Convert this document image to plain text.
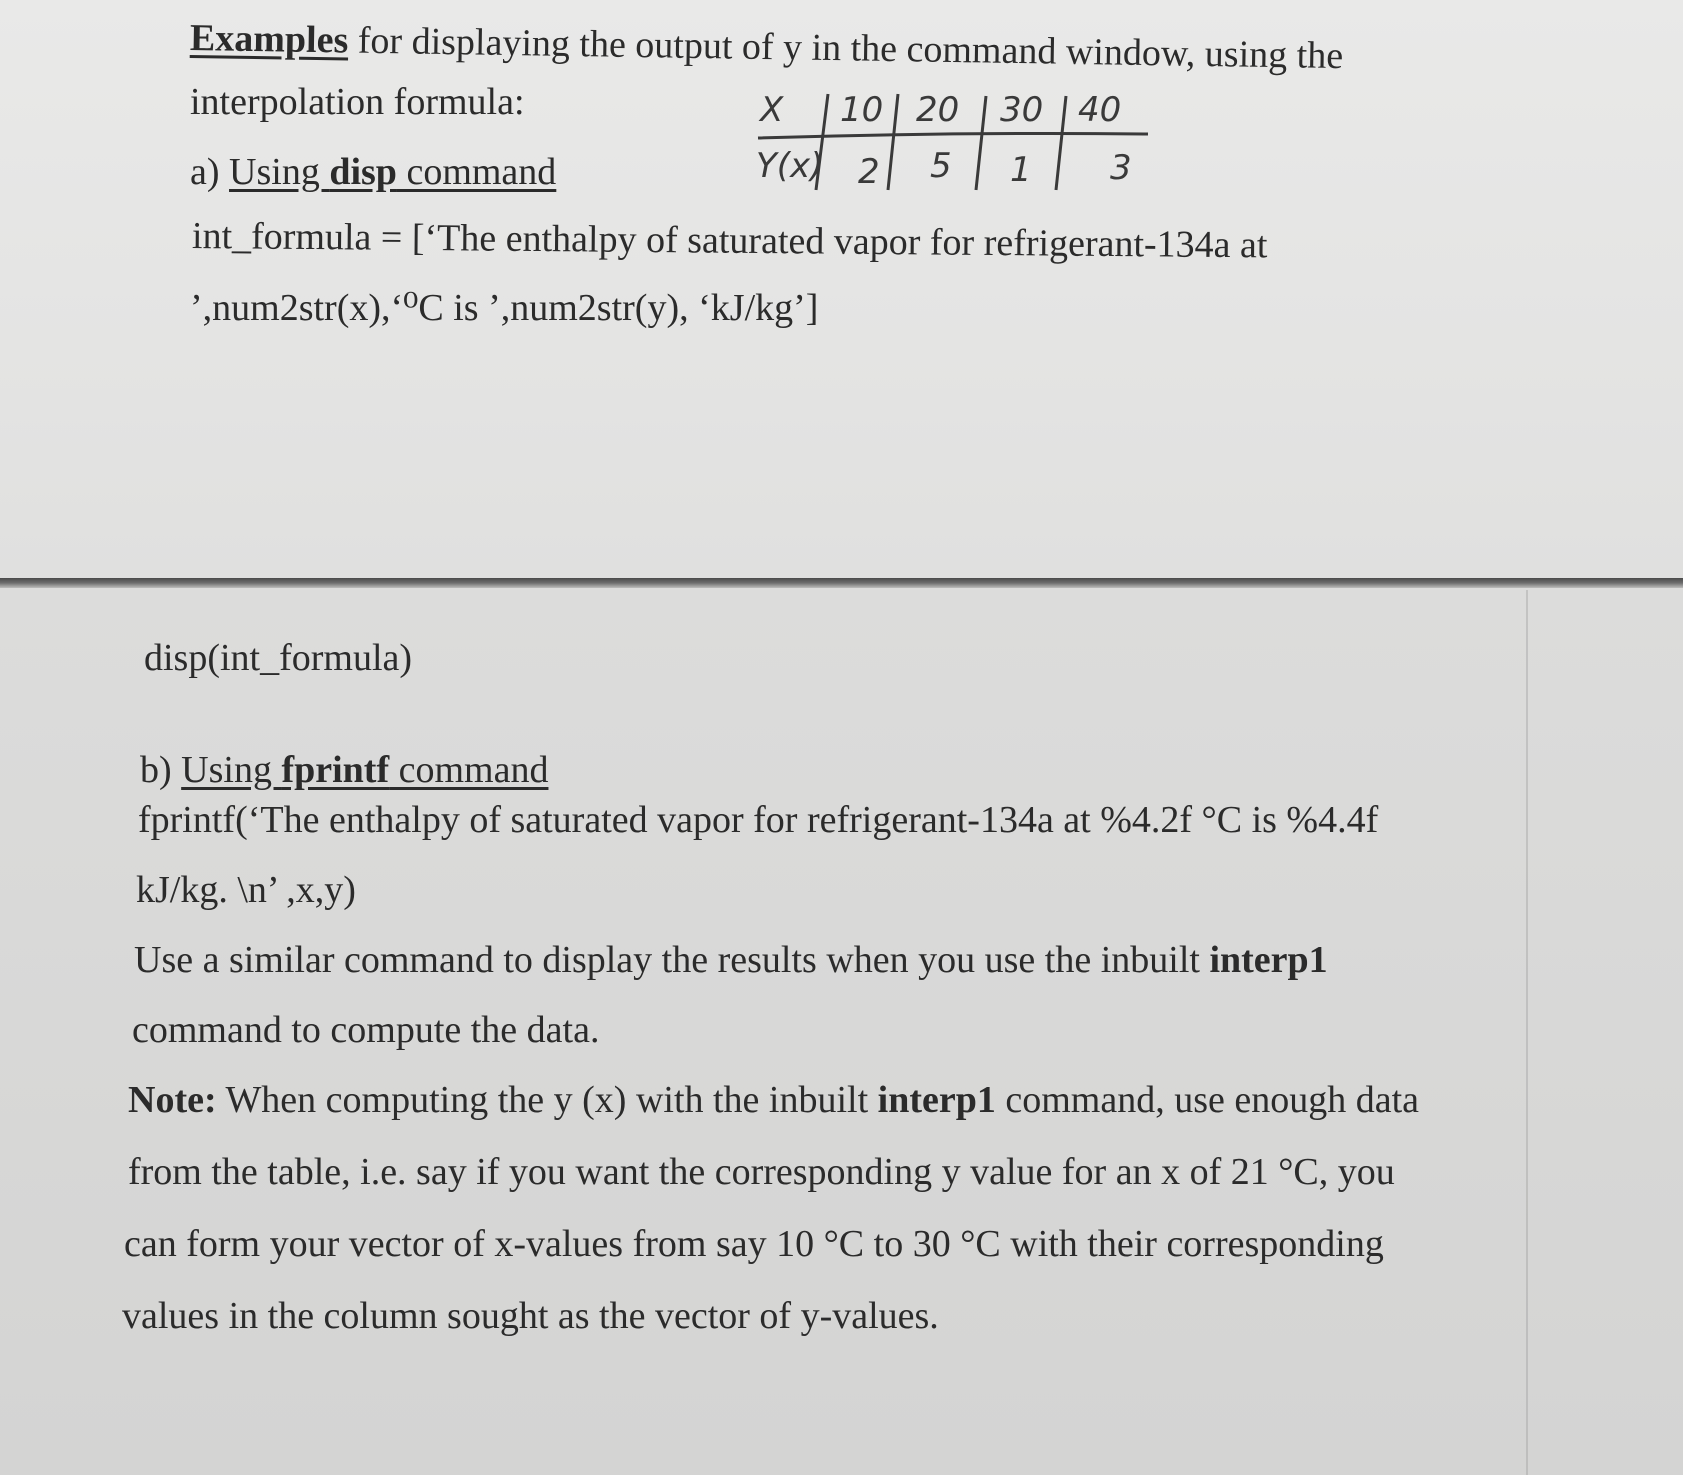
Examples for displaying the output of y in the command window, using the
interpolation formula:
a) Using disp command
int_formula = [‘The enthalpy of saturated vapor for refrigerant-134a at
’,num2str(x),‘⁰C is ’,num2str(y), ‘kJ/kg’]
X
Y(x)
10 20 30 40
2 5 1 3
disp(int_formula)
b) Using fprintf command
fprintf(‘The enthalpy of saturated vapor for refrigerant-134a at %4.2f °C is %4.4f
kJ/kg. \n’ ,x,y)
Use a similar command to display the results when you use the inbuilt interp1
command to compute the data.
Note: When computing the y (x) with the inbuilt interp1 command, use enough data
from the table, i.e. say if you want the corresponding y value for an x of 21 °C, you
can form your vector of x-values from say 10 °C to 30 °C with their corresponding
values in the column sought as the vector of y-values.
